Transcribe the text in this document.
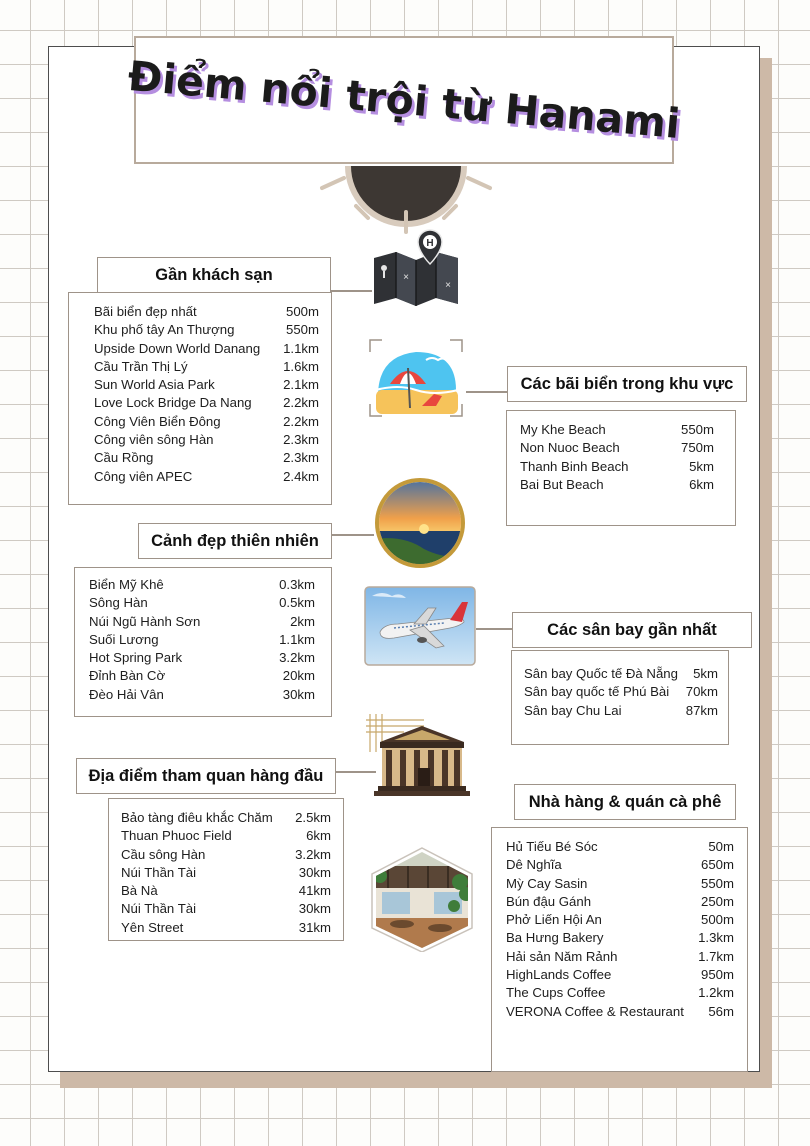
Điểm nổi trội từ Hanami
Bãi biển đẹp nhất	500m
Khu phố tây An Thượng	550m
Upside Down World Danang	1.1km
Cầu Trần Thị Lý	1.6km
Sun World Asia Park	2.1km
Love Lock Bridge Da Nang	2.2km
Công Viên Biển Đông	2.2km
Công viên sông Hàn	2.3km
Cầu Rồng	2.3km
Công viên APEC	2.4km
Gần khách sạn
H
×
×
My Khe Beach	550m
Non Nuoc Beach	750m
Thanh Binh Beach	5km
Bai But Beach	6km
Các bãi biển trong khu vực
Biển Mỹ Khê	0.3km
Sông Hàn	0.5km
Núi Ngũ Hành Sơn	2km
Suối Lương	1.1km
Hot Spring Park	3.2km
Đỉnh Bàn Cờ	20km
Đèo Hải Vân	30km
Cảnh đẹp thiên nhiên
Sân bay Quốc tế Đà Nẵng	5km
Sân bay quốc tế Phú Bài	70km
Sân bay Chu Lai	87km
Các sân bay gần nhất
Bảo tàng điêu khắc Chăm	2.5km
Thuan Phuoc Field	6km
Cầu sông Hàn	3.2km
Núi Thần Tài	30km
Bà Nà	41km
Núi Thần Tài	30km
Yên Street	31km
Địa điểm tham quan hàng đầu
Hủ Tiếu Bé Sóc	50m
Dê Nghĩa	650m
Mỳ Cay Sasin	550m
Bún đậu Gánh	250m
Phở Liến Hội An	500m
Ba Hưng Bakery	1.3km
Hải sản Năm Rảnh	1.7km
HighLands Coffee	950m
The Cups Coffee	1.2km
VERONA Coffee & Restaurant	56m
Nhà hàng & quán cà phê
